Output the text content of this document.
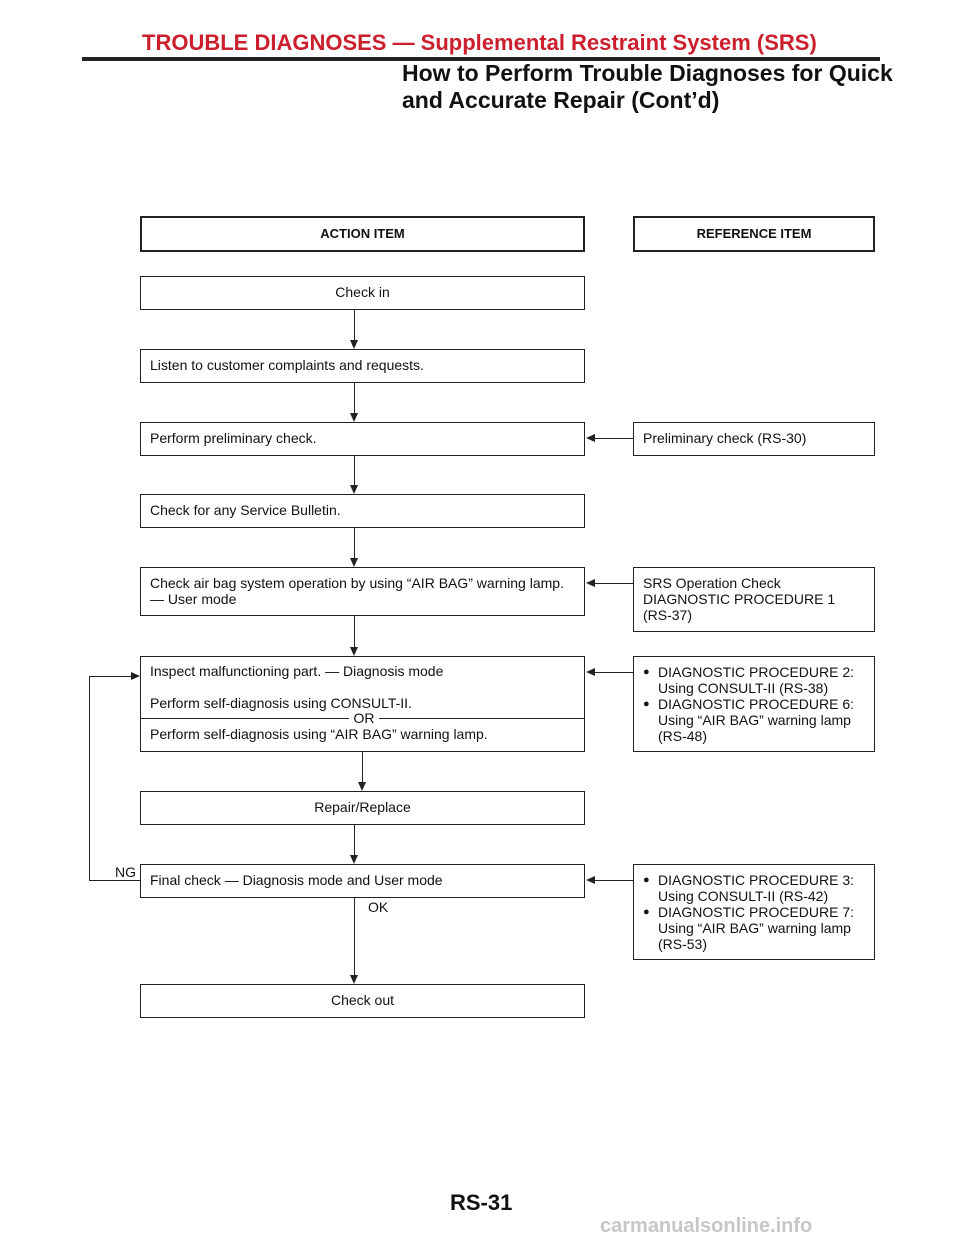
TROUBLE DIAGNOSES — Supplemental Restraint System (SRS)
How to Perform Trouble Diagnoses for Quick
and Accurate Repair (Cont’d)
ACTION ITEM	REFERENCE ITEM
Check in
Listen to customer complaints and requests.
Perform preliminary check.
Check for any Service Bulletin.
Check air bag system operation by using “AIR BAG” warning lamp.
— User mode
Inspect malfunctioning part. — Diagnosis mode
Perform self-diagnosis using CONSULT-II.
OR
Perform self-diagnosis using “AIR BAG” warning lamp.
Repair/Replace
Final check — Diagnosis mode and User mode
Check out
Preliminary check (RS-30)
SRS Operation Check
DIAGNOSTIC PROCEDURE 1
(RS-37)
● DIAGNOSTIC PROCEDURE 2:
Using CONSULT-II (RS-38)
● DIAGNOSTIC PROCEDURE 6:
Using “AIR BAG” warning lamp
(RS-48)
● DIAGNOSTIC PROCEDURE 3:
Using CONSULT-II (RS-42)
● DIAGNOSTIC PROCEDURE 7:
Using “AIR BAG” warning lamp
(RS-53)
OK
NG
RS-31
carmanualsonline.info
